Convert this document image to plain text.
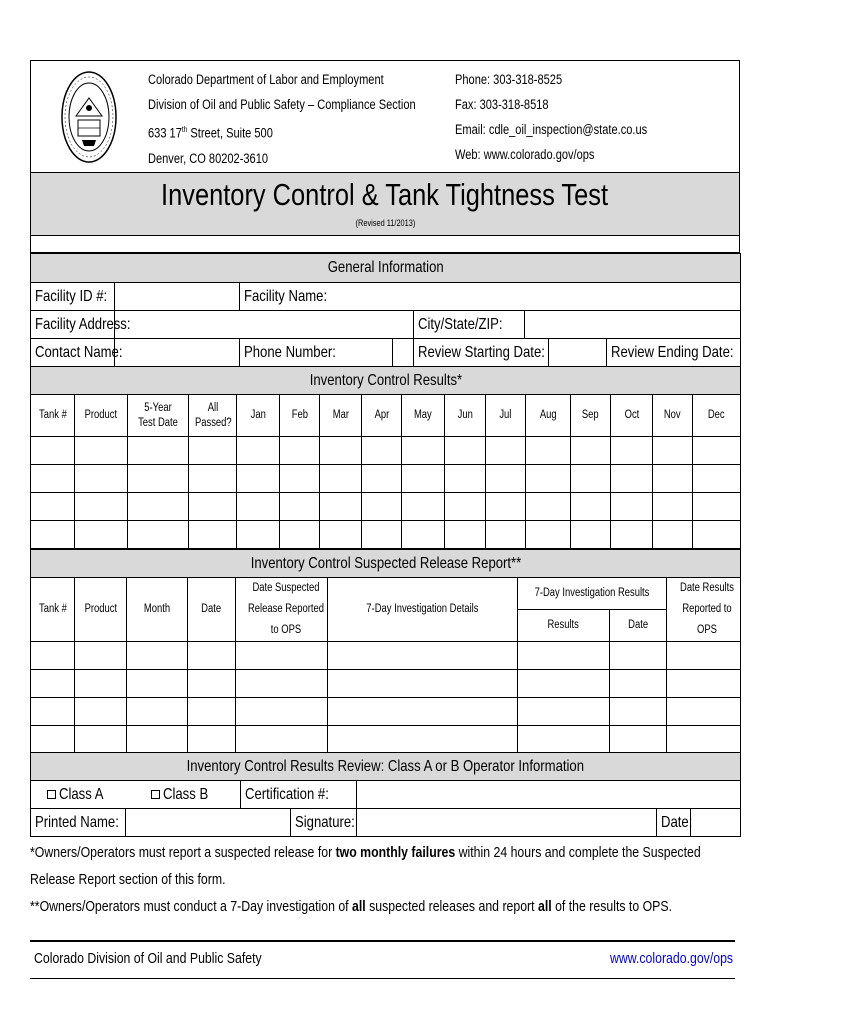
Colorado Department of Labor and Employment
Division of Oil and Public Safety – Compliance Section
633 17th Street, Suite 500
Denver, CO 80202-3610
Phone: 303-318-8525
Fax: 303-318-8518
Email: cdle_oil_inspection@state.co.us
Web: www.colorado.gov/ops
Inventory Control & Tank Tightness Test
(Revised 11/2013)
General Information								
Facility ID #:		Facility Name:						
Facility Address:					City/State/ZIP:			
Contact Name:		Phone Number:			Review Starting Date:			Review Ending Date:
Inventory Control Results*															
Tank #	Product	5-Year Test Date	All Passed?	Jan	Feb	Mar	Apr	May	Jun	Jul	Aug	Sep	Oct	Nov	Dec

Inventory Control Suspected Release Report**								
Tank #	Product	Month	Date	Date Suspected Release Reported to OPS	7-Day Investigation Details	7-Day Investigation Results		Date Results Reported to OPS
						Results	Date	

Inventory Control Results Review: Class A or B Operator Information						
Class A	Class B	Certification #:				
Printed Name:			Signature:		Date:	
*Owners/Operators must report a suspected release for two monthly failures within 24 hours and complete the Suspected
Release Report section of this form.
**Owners/Operators must conduct a 7-Day investigation of all suspected releases and report all of the results to OPS.
Colorado Division of Oil and Public Safety	www.colorado.gov/ops
